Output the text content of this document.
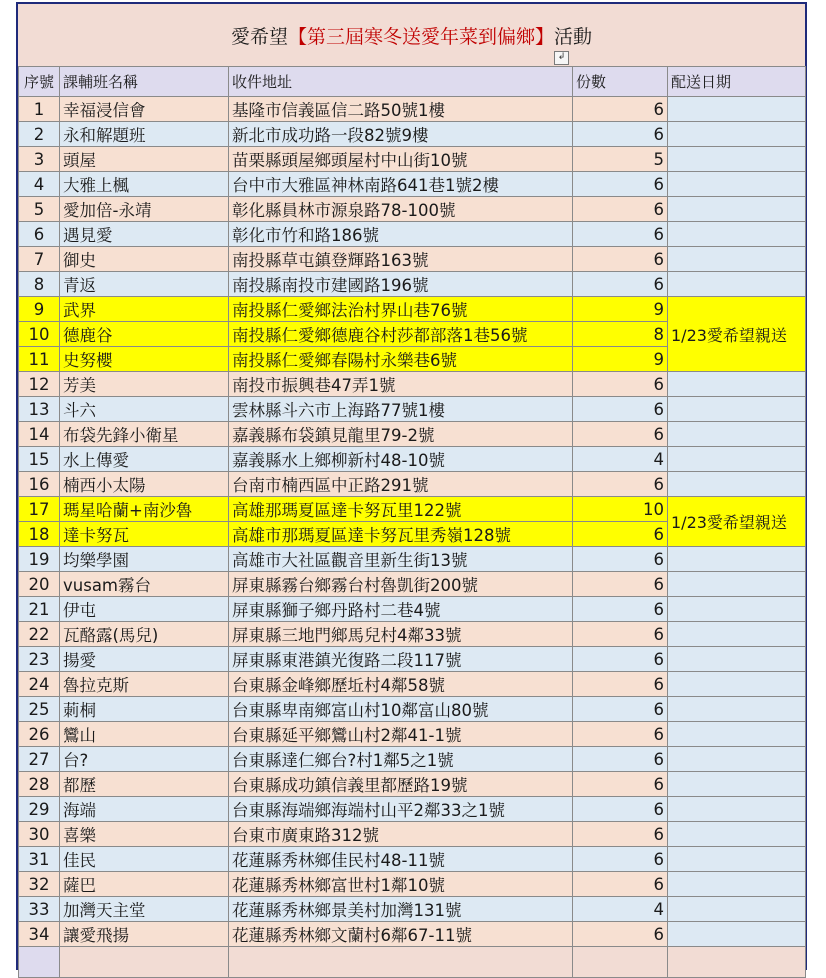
愛希望【第三屆寒冬送愛年菜到偏鄉】活動
↲
序號	課輔班名稱	收件地址	份數	配送日期
1	幸福浸信會	基隆市信義區信二路50號1樓	6	
2	永和解題班	新北市成功路一段82號9樓	6	
3	頭屋	苗栗縣頭屋鄉頭屋村中山街10號	5	
4	大雅上楓	台中市大雅區神林南路641巷1號2樓	6	
5	愛加倍-永靖	彰化縣員林市源泉路78-100號	6	
6	遇見愛	彰化市竹和路186號	6	
7	御史	南投縣草屯鎮登輝路163號	6	
8	青返	南投縣南投市建國路196號	6	
9	武界	南投縣仁愛鄉法治村界山巷76號	9	1/23愛希望親送
10	德鹿谷	南投縣仁愛鄉德鹿谷村莎都部落1巷56號	8	
11	史努櫻	南投縣仁愛鄉春陽村永樂巷6號	9	
12	芳美	南投市振興巷47弄1號	6	
13	斗六	雲林縣斗六市上海路77號1樓	6	
14	布袋先鋒小衛星	嘉義縣布袋鎮見龍里79-2號	6	
15	水上傳愛	嘉義縣水上鄉柳新村48-10號	4	
16	楠西小太陽	台南市楠西區中正路291號	6	
17	瑪星哈蘭+南沙魯	高雄那瑪夏區達卡努瓦里122號	10	1/23愛希望親送
18	達卡努瓦	高雄市那瑪夏區達卡努瓦里秀嶺128號	6	
19	均樂學園	高雄市大社區觀音里新生街13號	6	
20	vusam霧台	屏東縣霧台鄉霧台村魯凱街200號	6	
21	伊屯	屏東縣獅子鄉丹路村二巷4號	6	
22	瓦酪露(馬兒)	屏東縣三地門鄉馬兒村4鄰33號	6	
23	揚愛	屏東縣東港鎮光復路二段117號	6	
24	魯拉克斯	台東縣金峰鄉歷坵村4鄰58號	6	
25	莿桐	台東縣卑南鄉富山村10鄰富山80號	6	
26	鸞山	台東縣延平鄉鸞山村2鄰41-1號	6	
27	台?	台東縣達仁鄉台?村1鄰5之1號	6	
28	都歷	台東縣成功鎮信義里都歷路19號	6	
29	海端	台東縣海端鄉海端村山平2鄰33之1號	6	
30	喜樂	台東市廣東路312號	6	
31	佳民	花蓮縣秀林鄉佳民村48-11號	6	
32	薩巴	花蓮縣秀林鄉富世村1鄰10號	6	
33	加灣天主堂	花蓮縣秀林鄉景美村加灣131號	4	
34	讓愛飛揚	花蓮縣秀林鄉文蘭村6鄰67-11號	6	
